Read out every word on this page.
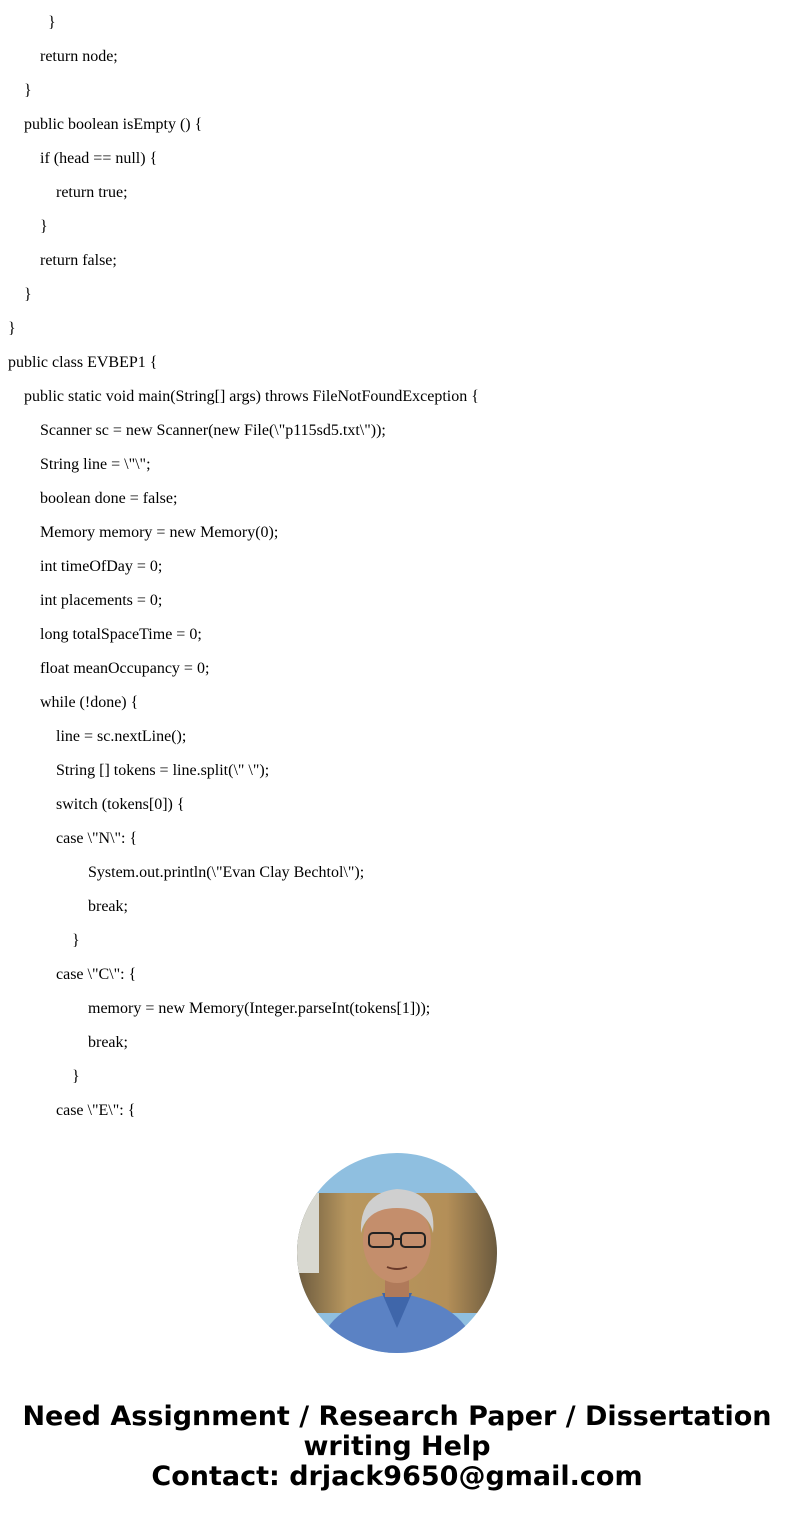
}
return node;
}
public boolean isEmpty () {
if (head == null) {
return true;
}
return false;
}
}
public class EVBEP1 {
public static void main(String[] args) throws FileNotFoundException {
Scanner sc = new Scanner(new File(\"p115sd5.txt\"));
String line = \"\";
boolean done = false;
Memory memory = new Memory(0);
int timeOfDay = 0;
int placements = 0;
long totalSpaceTime = 0;
float meanOccupancy = 0;
while (!done) {
line = sc.nextLine();
String [] tokens = line.split(\" \");
switch (tokens[0]) {
case \"N\": {
System.out.println(\"Evan Clay Bechtol\");
break;
}
case \"C\": {
memory = new Memory(Integer.parseInt(tokens[1]));
break;
}
case \"E\": {
Need Assignment / Research Paper / Dissertation
writing Help
Contact: drjack9650@gmail.com
